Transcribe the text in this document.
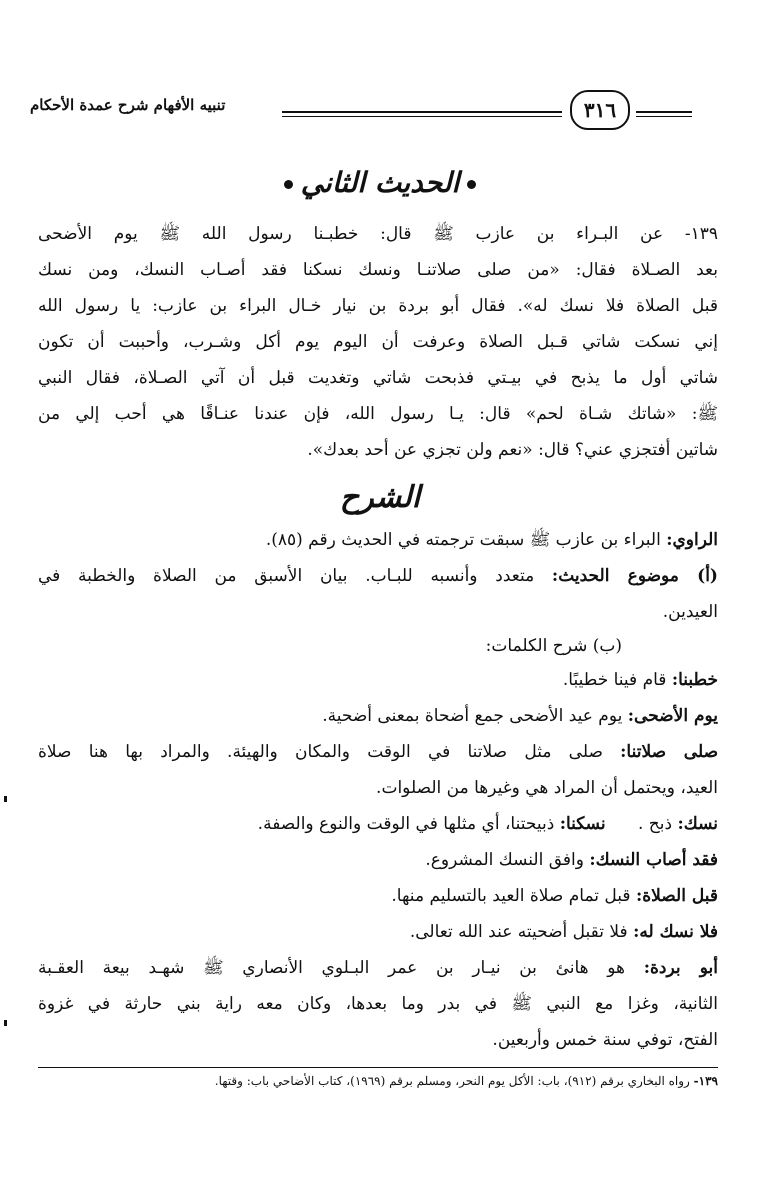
تنبيه الأفهام شرح عمدة الأحكام	٣١٦
الحديث الثاني
١٣٩- عن البـراء بن عازب ﷺ قال: خطبـنا رسول الله ﷺ يوم الأضحى
بعد الصـلاة فقال: «من صلى صلاتنـا ونسك نسكنا فقد أصـاب النسك، ومن نسك
قبل الصلاة فلا نسك له». فقال أبو بردة بن نيار خـال البراء بن عازب: يا رسول الله
إني نسكت شاتي قـبل الصلاة وعرفت أن اليوم يوم أكل وشـرب، وأحببت أن تكون
شاتي أول ما يذبح في بيـتي فذبحت شاتي وتغديت قبل أن آتي الصـلاة، فقال النبي
ﷺ: «شاتك شـاة لحم» قال: يـا رسول الله، فإن عندنا عنـاقًا هي أحب إلي من
شاتين أفتجزي عني؟ قال: «نعم ولن تجزي عن أحد بعدك».
الشرح
الراوي: البراء بن عازب ﷺ سبقت ترجمته في الحديث رقم (٨٥).
(أ) موضوع الحديث: متعدد وأنسبه للبـاب. بيان الأسبق من الصلاة والخطبة في
العيدين.
(ب) شرح الكلمات:
خطبنا: قام فينا خطيبًا.
يوم الأضحى: يوم عيد الأضحى جمع أضحاة بمعنى أضحية.
صلى صلاتنا: صلى مثل صلاتنا في الوقت والمكان والهيئة. والمراد بها هنا صلاة
العيد، ويحتمل أن المراد هي وغيرها من الصلوات.
نسك: ذبح .      نسكنا: ذبيحتنا، أي مثلها في الوقت والنوع والصفة.
فقد أصاب النسك: وافق النسك المشروع.
قبل الصلاة: قبل تمام صلاة العيد بالتسليم منها.
فلا نسك له: فلا تقبل أضحيته عند الله تعالى.
أبو بردة: هو هانئ بن نيـار بن عمر البـلوي الأنصاري ﷺ شهـد بيعة العقـبة
الثانية، وغزا مع النبي ﷺ في بدر وما بعدها، وكان معه راية بني حارثة في غزوة
الفتح، توفي سنة خمس وأربعين.
١٣٩- رواه البخاري برقم (٩١٢)، باب: الأكل يوم النحر، ومسلم برقم (١٩٦٩)، كتاب الأضاحي باب: وقتها.
